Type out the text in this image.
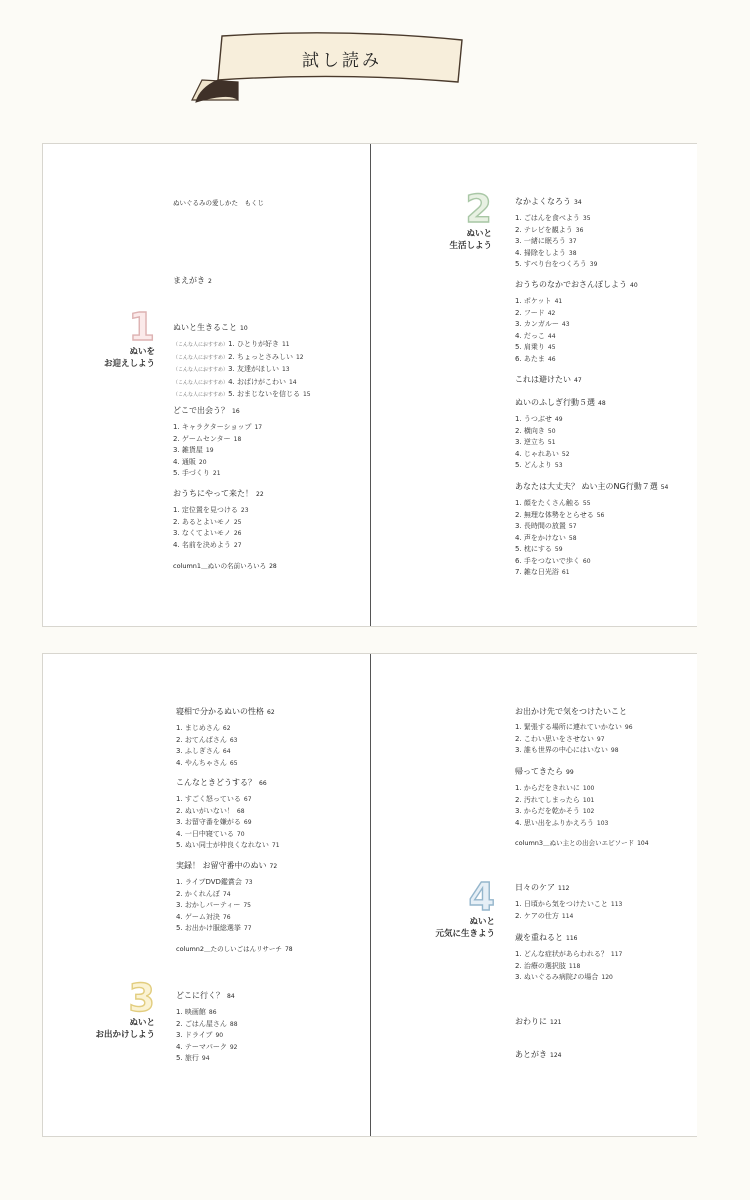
試し読み
ぬいぐるみの愛しかた　もくじ
まえがき 2
1
ぬいを
お迎えしよう
ぬいと生きること 10
（こんな人におすすめ）1. ひとりが好き 11
（こんな人におすすめ）2. ちょっとさみしい 12
（こんな人におすすめ）3. 友達がほしい 13
（こんな人におすすめ）4. おばけがこわい 14
（こんな人におすすめ）5. おまじないを信じる 15
どこで出会う？ 16
1. キャラクターショップ 17
2. ゲームセンター 18
3. 雑貨屋 19
4. 通販 20
5. 手づくり 21
おうちにやって来た！ 22
1. 定位置を見つける 23
2. あるとよいモノ 25
3. なくてよいモノ 26
4. 名前を決めよう 27
column1＿ぬいの名前いろいろ 28
2
ぬいと
生活しよう
なかよくなろう 34
1. ごはんを食べよう 35
2. テレビを観よう 36
3. 一緒に眠ろう 37
4. 掃除をしよう 38
5. すべり台をつくろう 39
おうちのなかでおさんぽしよう 40
1. ポケット 41
2. フード 42
3. カンガルー 43
4. だっこ 44
5. 肩乗り 45
6. あたま 46
これは避けたい 47
ぬいのふしぎ行動５選 48
1. うつぶせ 49
2. 横向き 50
3. 逆立ち 51
4. じゃれあい 52
5. どんより 53
あなたは大丈夫？ ぬい主のNG行動７選 54
1. 顔をたくさん触る 55
2. 無理な体勢をとらせる 56
3. 長時間の放置 57
4. 声をかけない 58
5. 枕にする 59
6. 手をつないで歩く 60
7. 雑な日光浴 61
寝相で分かるぬいの性格 62
1. まじめさん 62
2. おてんばさん 63
3. ふしぎさん 64
4. やんちゃさん 65
こんなときどうする？ 66
1. すごく怒っている 67
2. ぬいがいない！ 68
3. お留守番を嫌がる 69
4. 一日中寝ている 70
5. ぬい同士が仲良くなれない 71
実録！ お留守番中のぬい 72
1. ライブDVD鑑賞会 73
2. かくれんぼ 74
3. おかしパーティー 75
4. ゲーム対決 76
5. お出かけ服総選挙 77
column2＿たのしいごはんリサーチ 78
3
ぬいと
お出かけしよう
どこに行く？ 84
1. 映画館 86
2. ごはん屋さん 88
3. ドライブ 90
4. テーマパーク 92
5. 旅行 94
お出かけ先で気をつけたいこと
1. 緊張する場所に連れていかない 96
2. こわい思いをさせない 97
3. 誰も世界の中心にはいない 98
帰ってきたら 99
1. からだをきれいに 100
2. 汚れてしまったら 101
3. からだを乾かそう 102
4. 思い出をふりかえろう 103
column3＿ぬい主との出会いエピソード 104
4
ぬいと
元気に生きよう
日々のケア 112
1. 日頃から気をつけたいこと 113
2. ケアの仕方 114
歳を重ねると 116
1. どんな症状があらわれる？ 117
2. 治療の選択肢 118
3. ぬいぐるみ病院♪の場合 120
おわりに 121
あとがき 124
